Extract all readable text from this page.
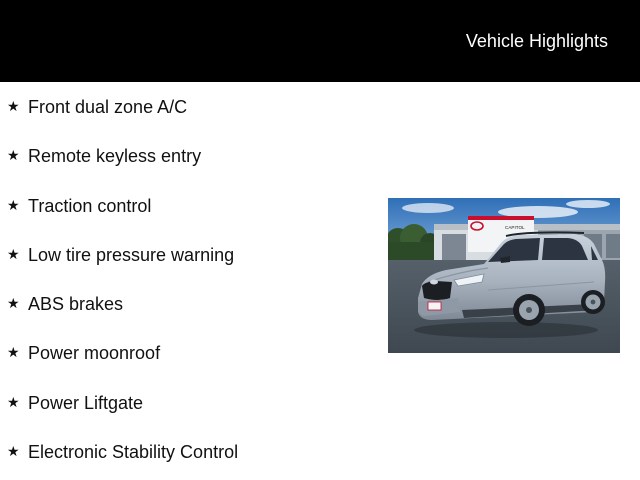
Vehicle Highlights
★ Front dual zone A/C
★ Remote keyless entry
★ Traction control
★ Low tire pressure warning
★ ABS brakes
★ Power moonroof
★ Power Liftgate
★ Electronic Stability Control
CAPITOL
